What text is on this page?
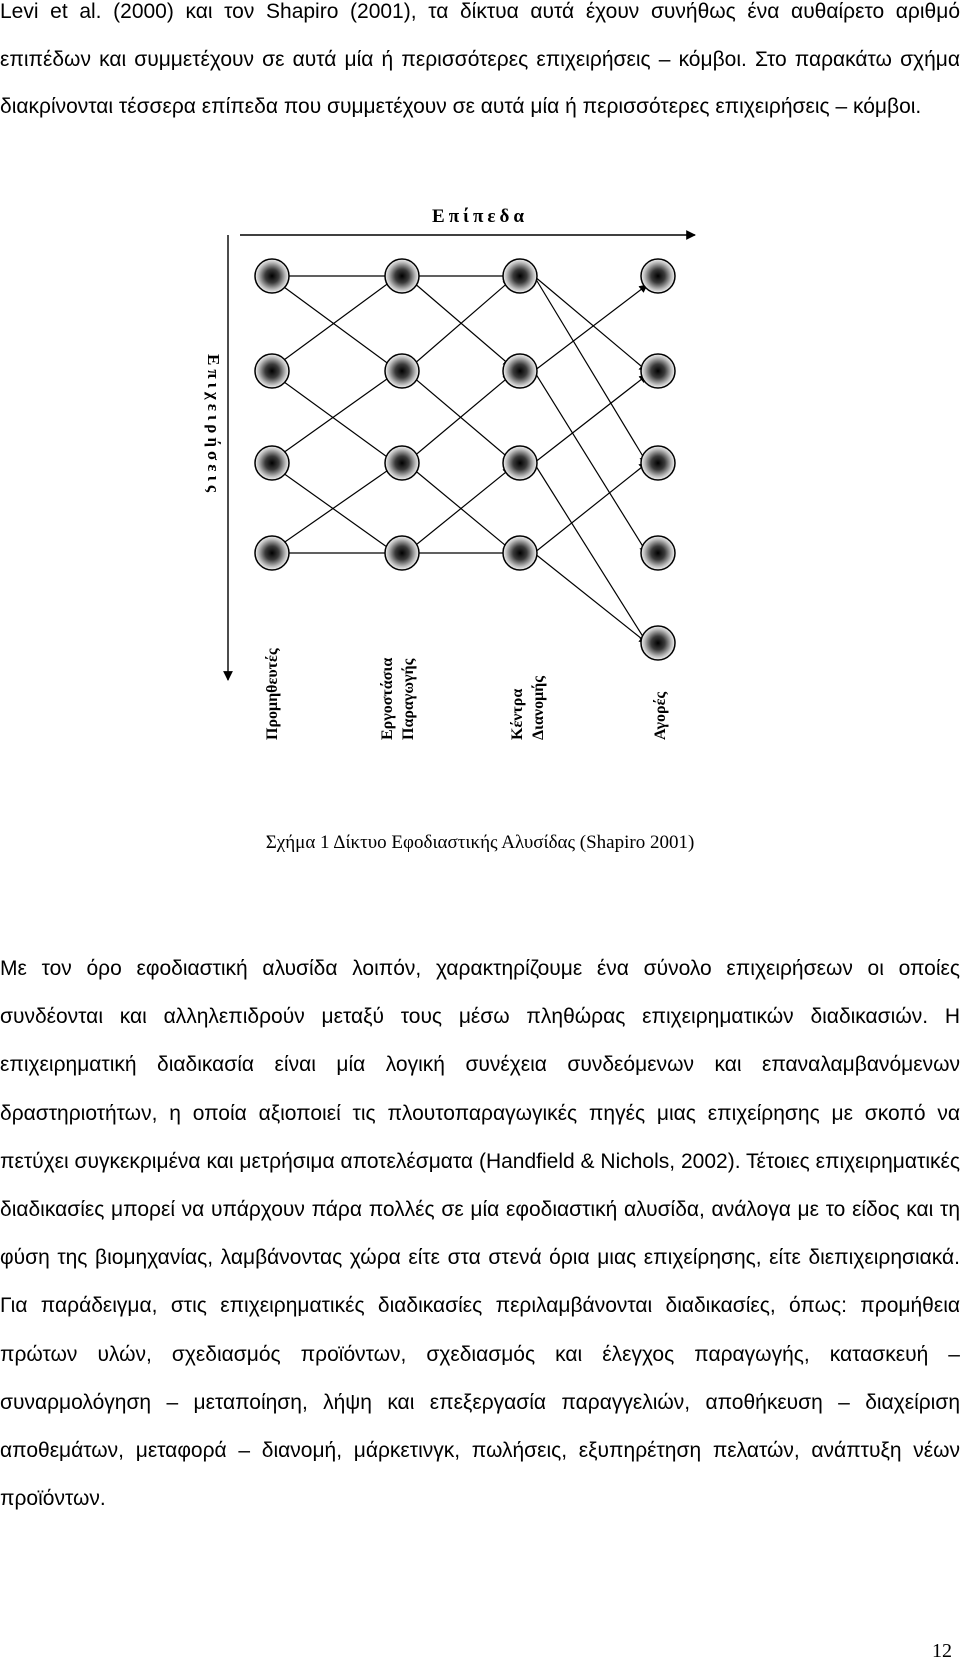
Levi et al. (2000) και τον Shapiro (2001), τα δίκτυα αυτά έχουν συνήθως ένα αυθαίρετο αριθμό επιπέδων και συμμετέχουν σε αυτά μία ή περισσότερες επιχειρήσεις – κόμβοι. Στο παρακάτω σχήμα διακρίνονται τέσσερα επίπεδα που συμμετέχουν σε αυτά μία ή περισσότερες επιχειρήσεις – κόμβοι.

Επίπεδα
Επιχειρήσεις
Προμηθευτές	Εργοστάσια Παραγωγής	Κέντρα Διανομής	Αγορές
Σχήμα 1 Δίκτυο Εφοδιαστικής Αλυσίδας (Shapiro 2001)

Με τον όρο εφοδιαστική αλυσίδα λοιπόν, χαρακτηρίζουμε ένα σύνολο επιχειρήσεων οι οποίες συνδέονται και αλληλεπιδρούν μεταξύ τους μέσω πληθώρας επιχειρηματικών διαδικασιών. Η επιχειρηματική διαδικασία είναι μία λογική συνέχεια συνδεόμενων και επαναλαμβανόμενων δραστηριοτήτων, η οποία αξιοποιεί τις πλουτοπαραγωγικές πηγές μιας επιχείρησης με σκοπό να πετύχει συγκεκριμένα και μετρήσιμα αποτελέσματα (Handfield & Nichols, 2002). Τέτοιες επιχειρηματικές διαδικασίες μπορεί να υπάρχουν πάρα πολλές σε μία εφοδιαστική αλυσίδα, ανάλογα με το είδος και τη φύση της βιομηχανίας, λαμβάνοντας χώρα είτε στα στενά όρια μιας επιχείρησης, είτε διεπιχειρησιακά. Για παράδειγμα, στις επιχειρηματικές διαδικασίες περιλαμβάνονται διαδικασίες, όπως: προμήθεια πρώτων υλών, σχεδιασμός προϊόντων, σχεδιασμός και έλεγχος παραγωγής, κατασκευή – συναρμολόγηση – μεταποίηση, λήψη και επεξεργασία παραγγελιών, αποθήκευση – διαχείριση αποθεμάτων, μεταφορά – διανομή, μάρκετινγκ, πωλήσεις, εξυπηρέτηση πελατών, ανάπτυξη νέων προϊόντων.

12
